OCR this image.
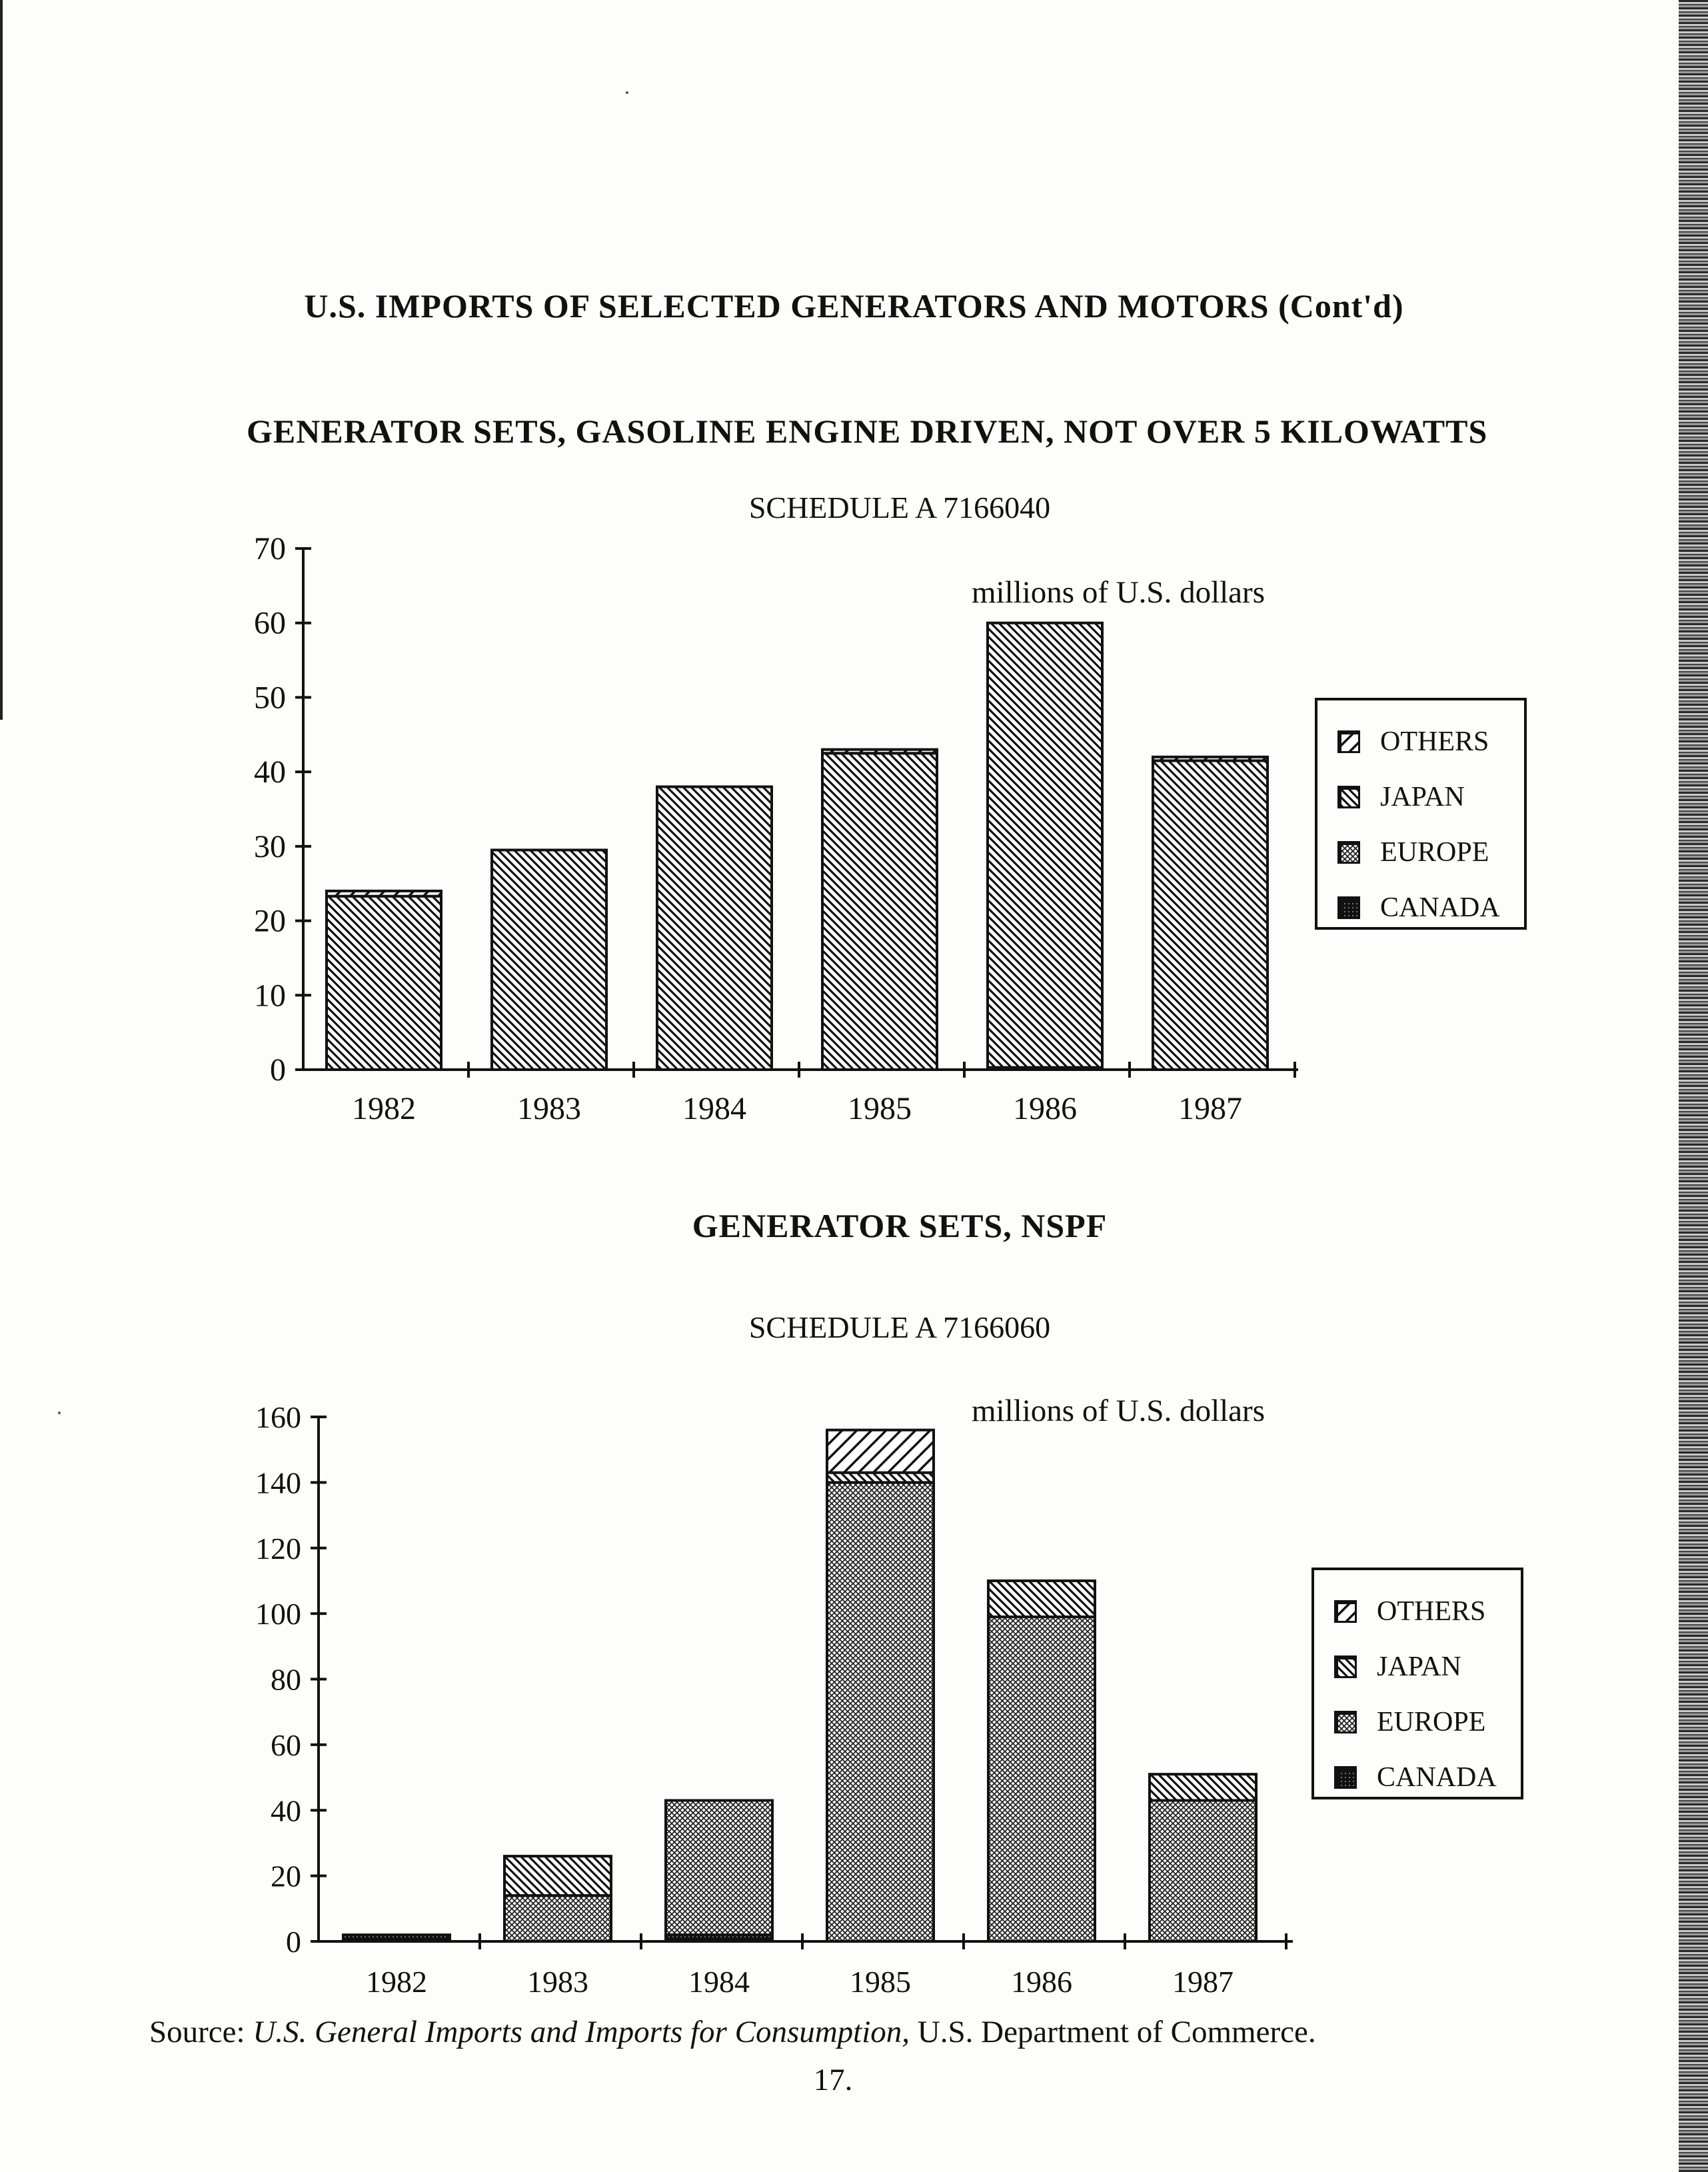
U.S. IMPORTS OF SELECTED GENERATORS AND MOTORS (Cont'd)
GENERATOR SETS, GASOLINE ENGINE DRIVEN, NOT OVER 5 KILOWATTS
SCHEDULE A 7166040
millions of U.S. dollars
0
10
20
30
40
50
60
70
1982	1983	1984	1985	1986	1987
OTHERS
JAPAN
EUROPE
CANADA
GENERATOR SETS, NSPF
SCHEDULE A 7166060
millions of U.S. dollars
0
20
40
60
80
100
120
140
160
1982	1983	1984	1985	1986	1987
OTHERS
JAPAN
EUROPE
CANADA
Source: U.S. General Imports and Imports for Consumption, U.S. Department of Commerce.
17.
